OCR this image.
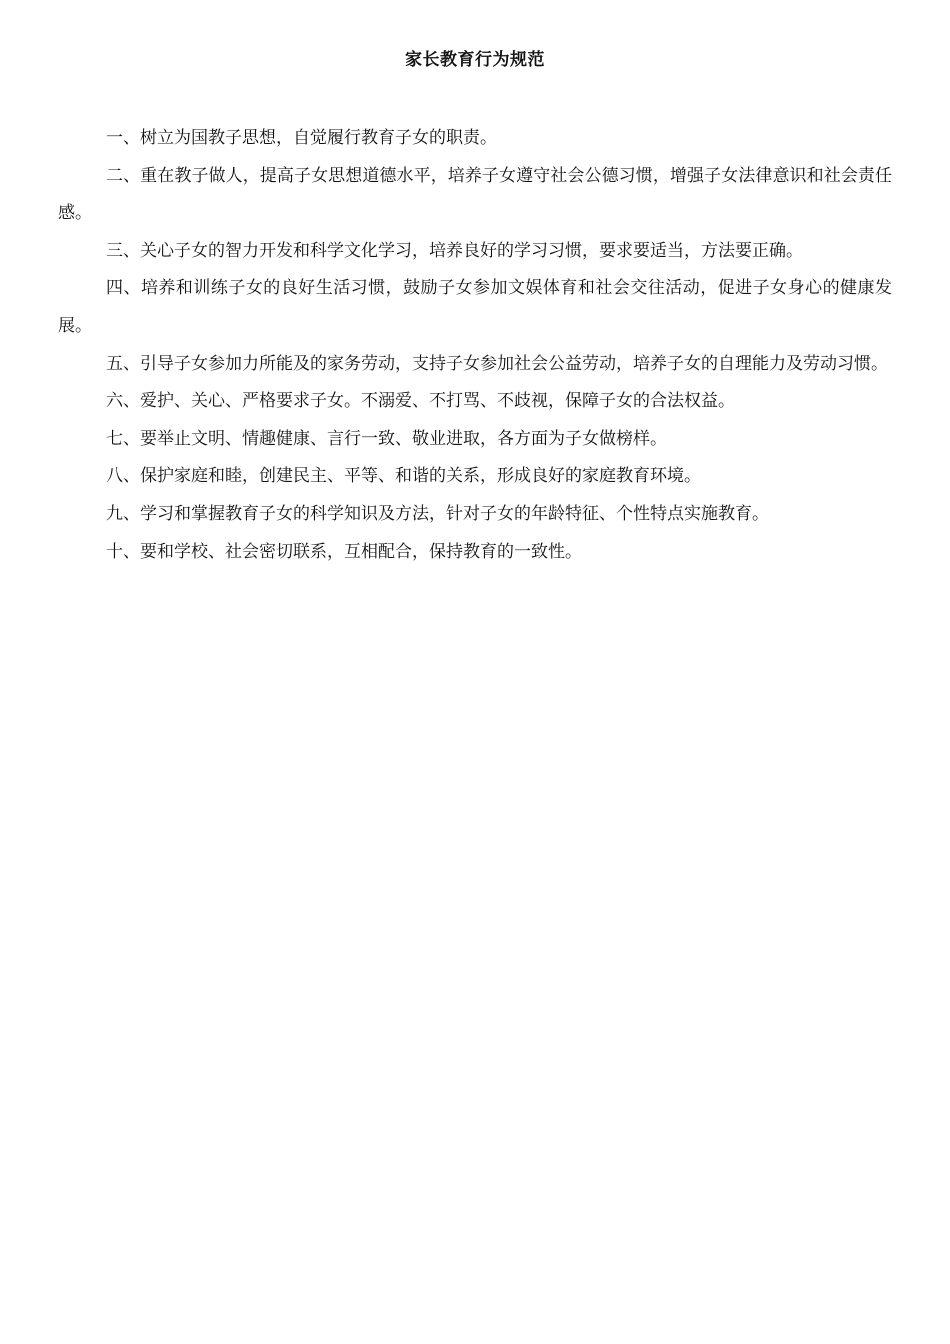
家长教育行为规范

一、树立为国教子思想，自觉履行教育子女的职责。

二、重在教子做人，提高子女思想道德水平，培养子女遵守社会公德习惯，增强子女法律意识和社会责任感。

三、关心子女的智力开发和科学文化学习，培养良好的学习习惯，要求要适当，方法要正确。

四、培养和训练子女的良好生活习惯，鼓励子女参加文娱体育和社会交往活动，促进子女身心的健康发展。

五、引导子女参加力所能及的家务劳动，支持子女参加社会公益劳动，培养子女的自理能力及劳动习惯。

六、爱护、关心、严格要求子女。不溺爱、不打骂、不歧视，保障子女的合法权益。

七、要举止文明、情趣健康、言行一致、敬业进取，各方面为子女做榜样。

八、保护家庭和睦，创建民主、平等、和谐的关系，形成良好的家庭教育环境。

九、学习和掌握教育子女的科学知识及方法，针对子女的年龄特征、个性特点实施教育。

十、要和学校、社会密切联系，互相配合，保持教育的一致性。
